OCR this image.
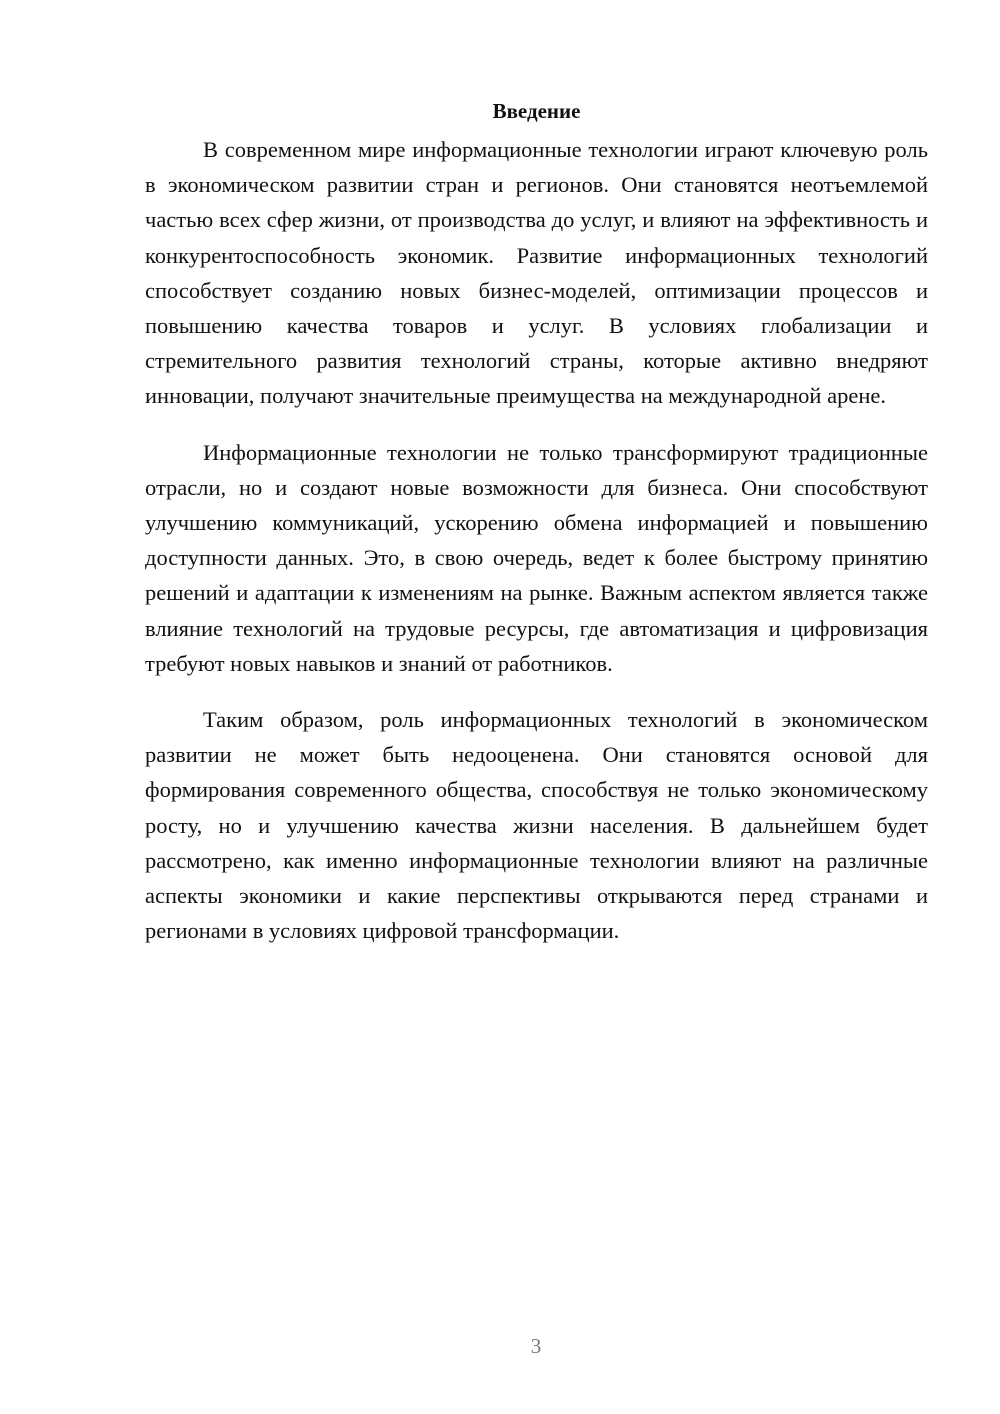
Введение

В современном мире информационные технологии играют ключевую роль в экономическом развитии стран и регионов. Они становятся неотъемлемой частью всех сфер жизни, от производства до услуг, и влияют на эффективность и конкурентоспособность экономик. Развитие информационных технологий способствует созданию новых бизнес-моделей, оптимизации процессов и повышению качества товаров и услуг. В условиях глобализации и стремительного развития технологий страны, которые активно внедряют инновации, получают значительные преимущества на международной арене.

Информационные технологии не только трансформируют традиционные отрасли, но и создают новые возможности для бизнеса. Они способствуют улучшению коммуникаций, ускорению обмена информацией и повышению доступности данных. Это, в свою очередь, ведет к более быстрому принятию решений и адаптации к изменениям на рынке. Важным аспектом является также влияние технологий на трудовые ресурсы, где автоматизация и цифровизация требуют новых навыков и знаний от работников.

Таким образом, роль информационных технологий в экономическом развитии не может быть недооценена. Они становятся основой для формирования современного общества, способствуя не только экономическому росту, но и улучшению качества жизни населения. В дальнейшем будет рассмотрено, как именно информационные технологии влияют на различные аспекты экономики и какие перспективы открываются перед странами и регионами в условиях цифровой трансформации.

3
